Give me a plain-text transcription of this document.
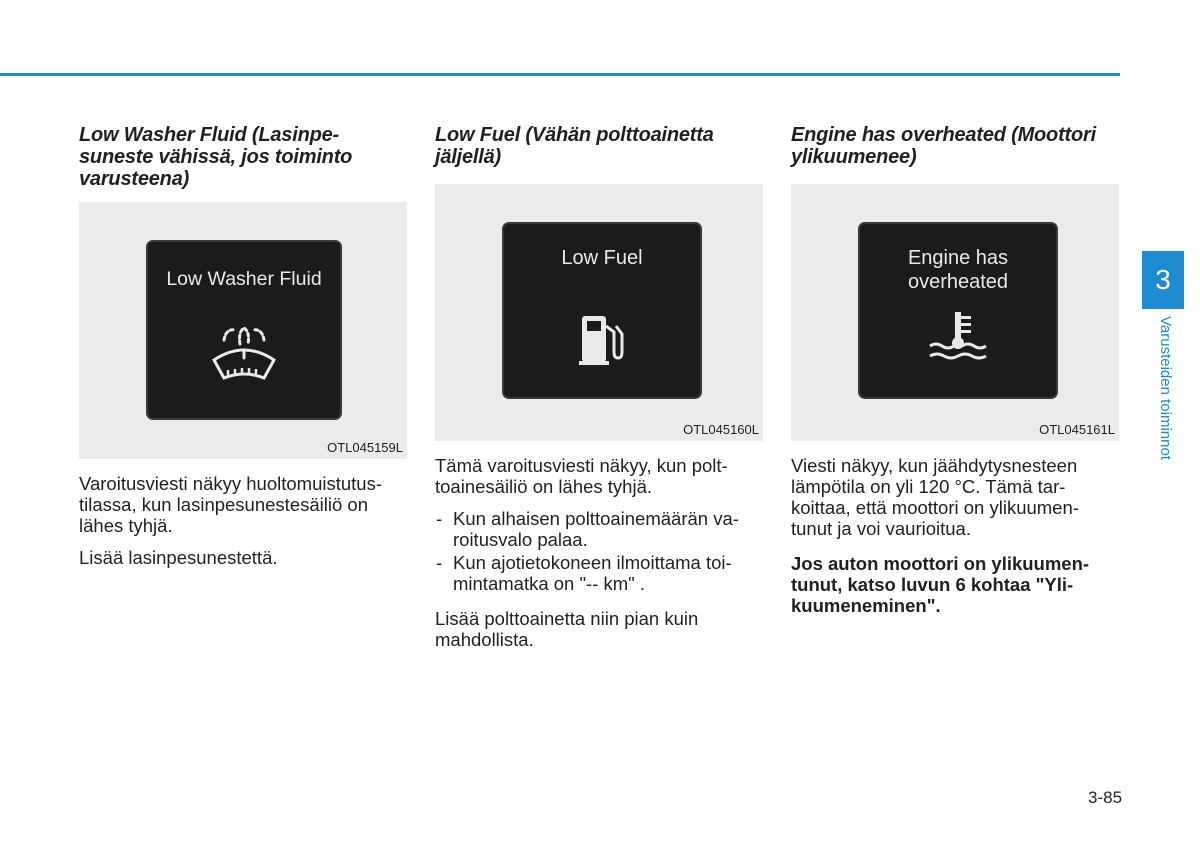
Low Washer Fluid (Lasinpe-
suneste vähissä, jos toiminto
varusteena)
Low Washer Fluid
OTL045159L

Varoitusviesti näkyy huoltomuistutus-
tilassa, kun lasinpesunestesäiliö on
lähes tyhjä.

Lisää lasinpesunestettä.

Low Fuel (Vähän polttoainetta
jäljellä)
Low Fuel
OTL045160L

Tämä varoitusviesti näkyy, kun polt-
toainesäiliö on lähes tyhjä.

- Kun alhaisen polttoainemäärän va-
roitusvalo palaa.
- Kun ajotietokoneen ilmoittama toi-
mintamatka on "-- km" .

Lisää polttoainetta niin pian kuin
mahdollista.

Engine has overheated (Moottori
ylikuumenee)
Engine has
overheated
OTL045161L

Viesti näkyy, kun jäähdytysnesteen
lämpötila on yli 120 °C. Tämä tar-
koittaa, että moottori on ylikuumen-
tunut ja voi vaurioitua.

Jos auton moottori on ylikuumen-
tunut, katso luvun 6 kohtaa "Yli-
kuumeneminen".

3
Varusteiden toiminnot
3-85
